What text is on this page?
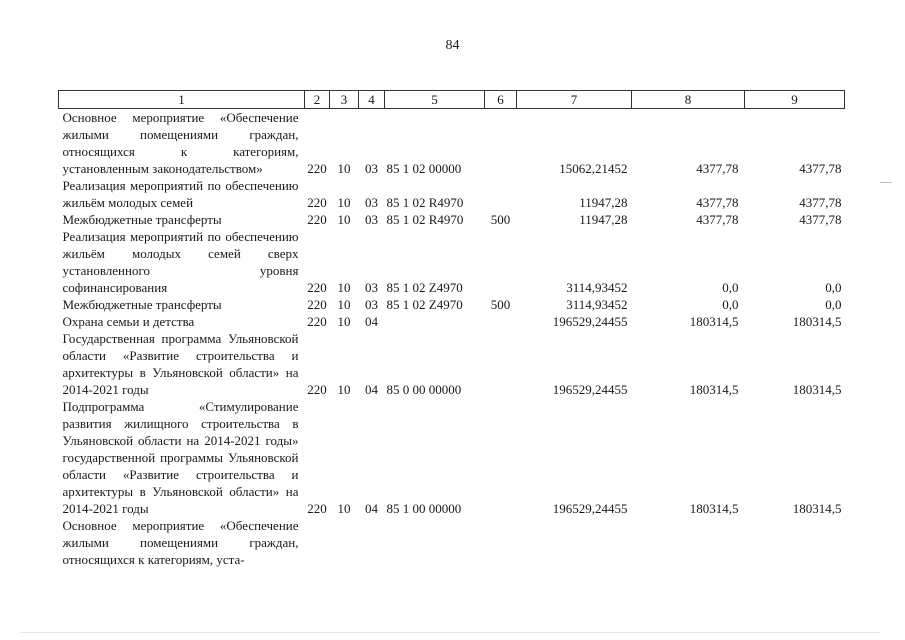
84
1	2	3	4	5	6	7	8	9
Основное мероприятие «Обеспечение жилыми помещениями граждан, относящихся к категориям, установленным законодательством»	220	10	03	85 1 02 00000		15062,21452	4377,78	4377,78
Реализация мероприятий по обеспечению жильём молодых семей	220	10	03	85 1 02 R4970		11947,28	4377,78	4377,78
Межбюджетные трансферты	220	10	03	85 1 02 R4970	500	11947,28	4377,78	4377,78
Реализация мероприятий по обеспечению жильём молодых семей сверх установленного уровня софинансирования	220	10	03	85 1 02 Z4970		3114,93452	0,0	0,0
Межбюджетные трансферты	220	10	03	85 1 02 Z4970	500	3114,93452	0,0	0,0
Охрана семьи и детства	220	10	04			196529,24455	180314,5	180314,5
Государственная программа Ульяновской области «Развитие строительства и архитектуры в Ульяновской области» на 2014-2021 годы	220	10	04	85 0 00 00000		196529,24455	180314,5	180314,5
Подпрограмма «Стимулирование развития жилищного строительства в Ульяновской области на 2014-2021 годы» государственной программы Ульяновской области «Развитие строительства и архитектуры в Ульяновской области» на 2014-2021 годы	220	10	04	85 1 00 00000		196529,24455	180314,5	180314,5
Основное мероприятие «Обеспечение жилыми помещениями граждан, относящихся к категориям, уста-								
